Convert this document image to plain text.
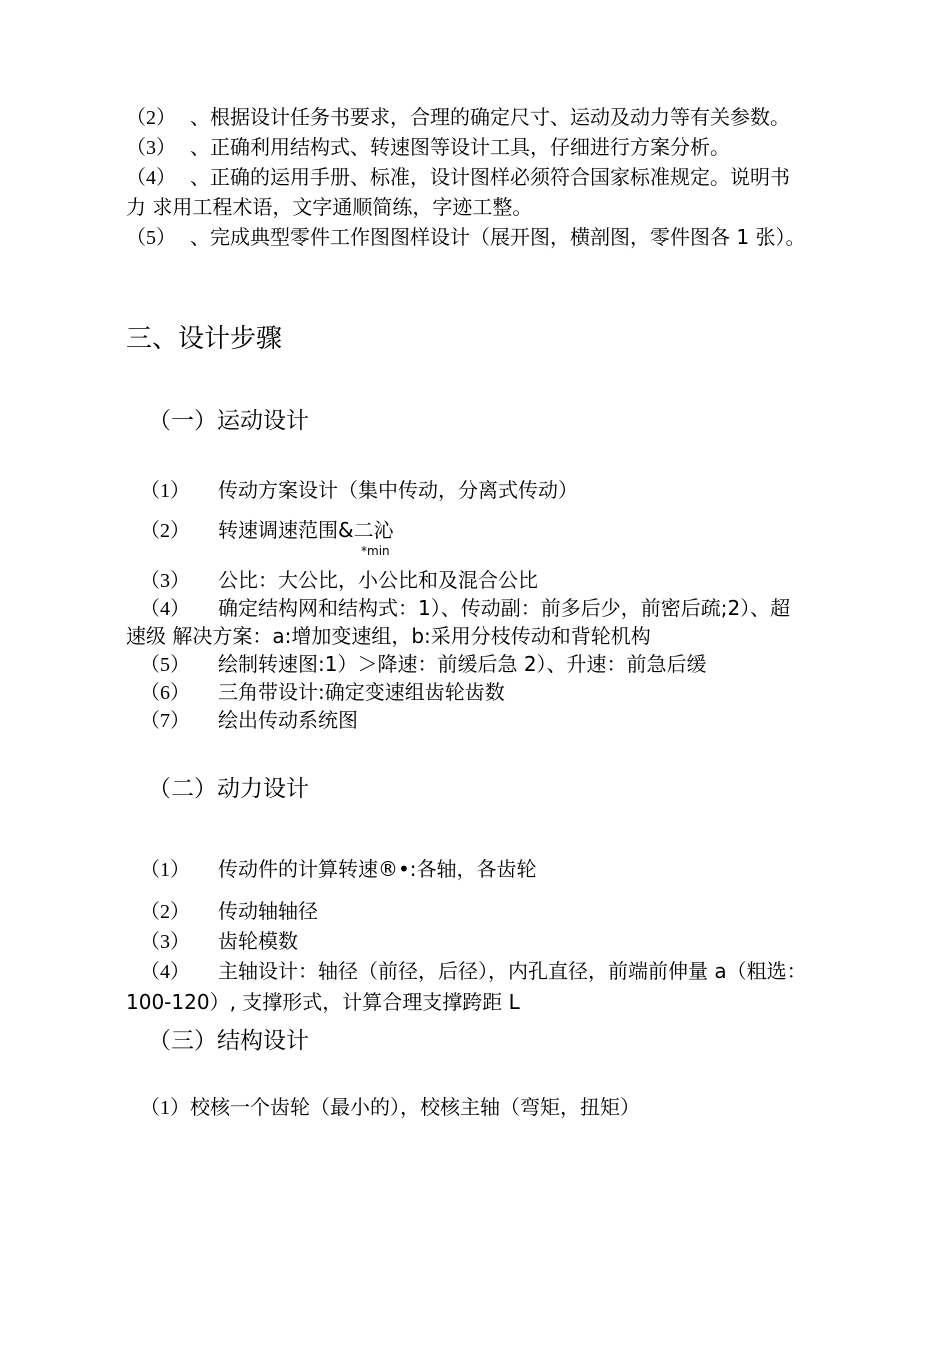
（2） 、根据设计任务书要求，合理的确定尺寸、运动及动力等有关参数。
（3） 、正确利用结构式、转速图等设计工具，仔细进行方案分析。
（4） 、正确的运用手册、标准，设计图样必须符合国家标准规定。说明书
力 求用工程术语，文字通顺简练，字迹工整。
（5） 、完成典型零件工作图图样设计（展开图，横剖图，零件图各 1 张）。
三、设计步骤
（一）运动设计
（1） 传动方案设计（集中传动，分离式传动）
（2） 转速调速范围&二沁
*min
（3） 公比：大公比，小公比和及混合公比
（4） 确定结构网和结构式：1）、传动副：前多后少，前密后疏;2）、超
速级 解决方案：a:增加变速组，b:采用分枝传动和背轮机构
（5） 绘制转速图:1）＞降速：前缓后急 2）、升速：前急后缓
（6） 三角带设计:确定变速组齿轮齿数
（7） 绘出传动系统图
（二）动力设计
（1） 传动件的计算转速®•:各轴，各齿轮
（2） 传动轴轴径
（3） 齿轮模数
（4） 主轴设计：轴径（前径，后径），内孔直径，前端前伸量 a（粗选：
100-120）, 支撑形式，计算合理支撑跨距 L
（三）结构设计
（1）校核一个齿轮（最小的），校核主轴（弯矩，扭矩）
